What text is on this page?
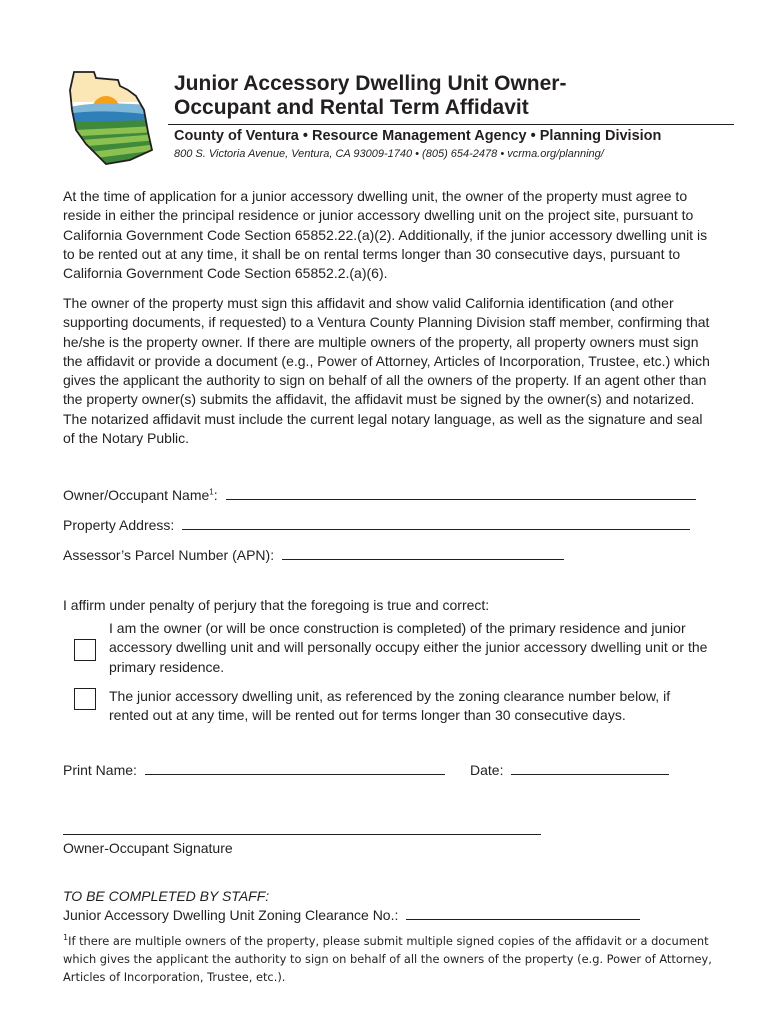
Junior Accessory Dwelling Unit Owner-
Occupant and Rental Term Affidavit
County of Ventura • Resource Management Agency • Planning Division
800 S. Victoria Avenue, Ventura, CA 93009-1740 • (805) 654-2478 • vcrma.org/planning/
At the time of application for a junior accessory dwelling unit, the owner of the property must agree to reside in either the principal residence or junior accessory dwelling unit on the project site, pursuant to California Government Code Section 65852.22.(a)(2). Additionally, if the junior accessory dwelling unit is to be rented out at any time, it shall be on rental terms longer than 30 consecutive days, pursuant to California Government Code Section 65852.2.(a)(6).
The owner of the property must sign this affidavit and show valid California identification (and other supporting documents, if requested) to a Ventura County Planning Division staff member, confirming that he/she is the property owner. If there are multiple owners of the property, all property owners must sign the affidavit or provide a document (e.g., Power of Attorney, Articles of Incorporation, Trustee, etc.) which gives the applicant the authority to sign on behalf of all the owners of the property. If an agent other than the property owner(s) submits the affidavit, the affidavit must be signed by the owner(s) and notarized. The notarized affidavit must include the current legal notary language, as well as the signature and seal of the Notary Public.
Owner/Occupant Name$^1$:
Property Address:
Assessor’s Parcel Number (APN):
I affirm under penalty of perjury that the foregoing is true and correct:
I am the owner (or will be once construction is completed) of the primary residence and junior accessory dwelling unit and will personally occupy either the junior accessory dwelling unit or the primary residence.
The junior accessory dwelling unit, as referenced by the zoning clearance number below, if rented out at any time, will be rented out for terms longer than 30 consecutive days.
Print Name:	Date:
Owner-Occupant Signature
TO BE COMPLETED BY STAFF:
Junior Accessory Dwelling Unit Zoning Clearance No.:
$^1$If there are multiple owners of the property, please submit multiple signed copies of the affidavit or a document which gives the applicant the authority to sign on behalf of all the owners of the property (e.g. Power of Attorney, Articles of Incorporation, Trustee, etc.).
